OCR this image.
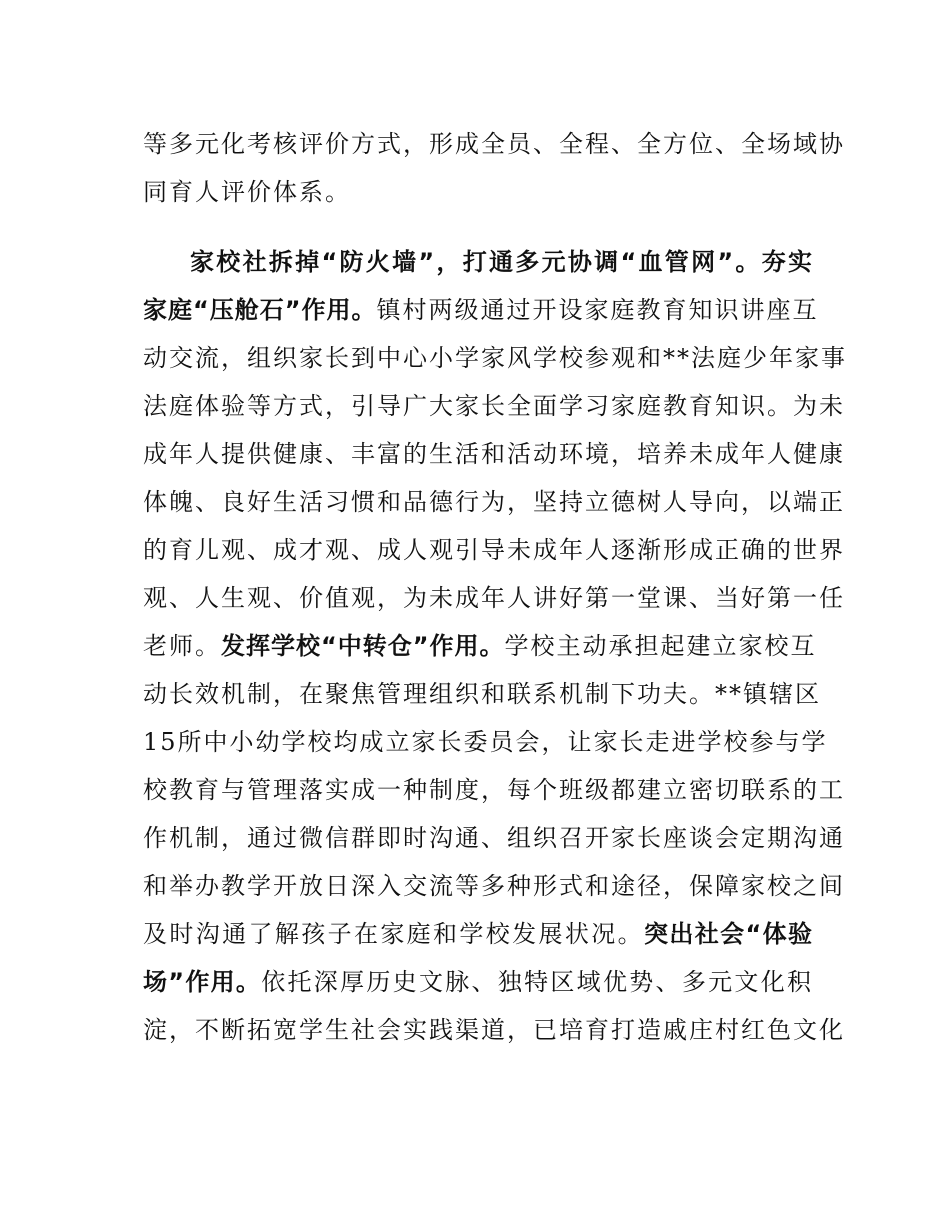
等多元化考核评价方式，形成全员、全程、全方位、全场域协
同育人评价体系。
家校社拆掉“防火墙”，打通多元协调“血管网”。夯实
家庭“压舱石”作用。镇村两级通过开设家庭教育知识讲座互
动交流，组织家长到中心小学家风学校参观和**法庭少年家事
法庭体验等方式，引导广大家长全面学习家庭教育知识。为未
成年人提供健康、丰富的生活和活动环境，培养未成年人健康
体魄、良好生活习惯和品德行为，坚持立德树人导向，以端正
的育儿观、成才观、成人观引导未成年人逐渐形成正确的世界
观、人生观、价值观，为未成年人讲好第一堂课、当好第一任
老师。发挥学校“中转仓”作用。学校主动承担起建立家校互
动长效机制，在聚焦管理组织和联系机制下功夫。**镇辖区
15所中小幼学校均成立家长委员会，让家长走进学校参与学
校教育与管理落实成一种制度，每个班级都建立密切联系的工
作机制，通过微信群即时沟通、组织召开家长座谈会定期沟通
和举办教学开放日深入交流等多种形式和途径，保障家校之间
及时沟通了解孩子在家庭和学校发展状况。突出社会“体验
场”作用。依托深厚历史文脉、独特区域优势、多元文化积
淀，不断拓宽学生社会实践渠道，已培育打造戚庄村红色文化
